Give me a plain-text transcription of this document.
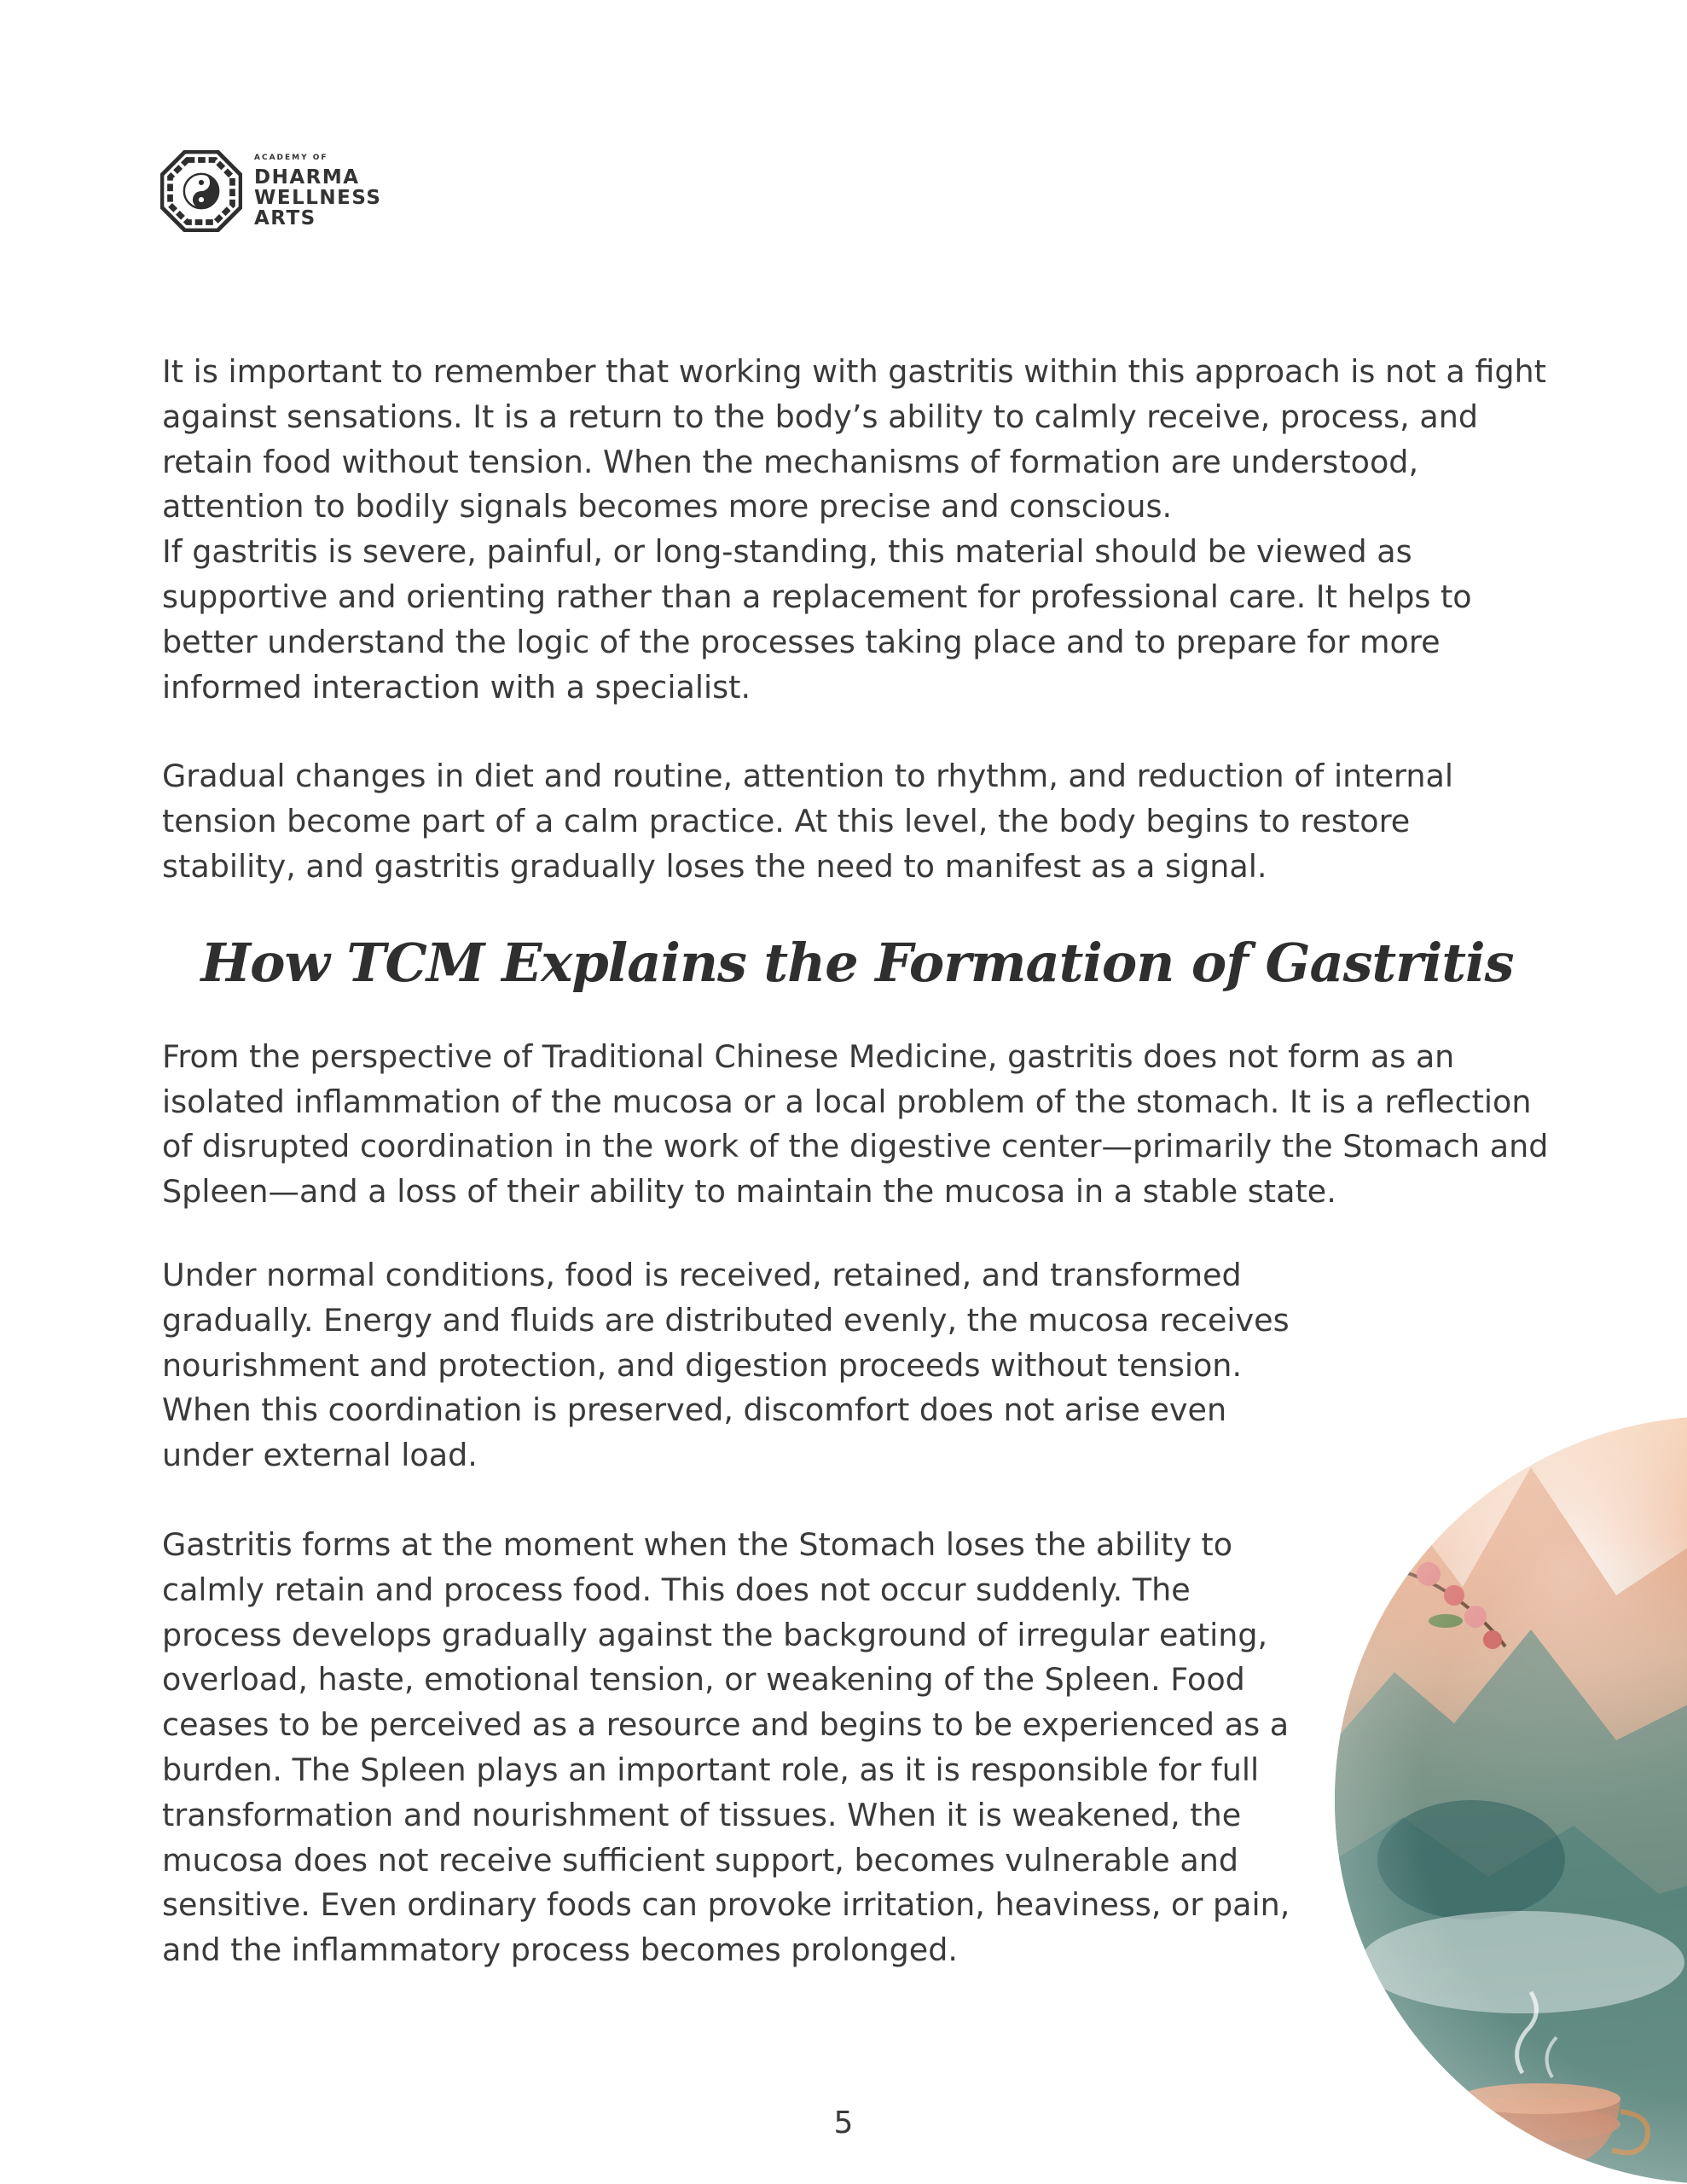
ACADEMY OF
DHARMA
WELLNESS
ARTS

It is important to remember that working with gastritis within this approach is not a fight against sensations. It is a return to the body’s ability to calmly receive, process, and retain food without tension. When the mechanisms of formation are understood, attention to bodily signals becomes more precise and conscious.

If gastritis is severe, painful, or long-standing, this material should be viewed as supportive and orienting rather than a replacement for professional care. It helps to better understand the logic of the processes taking place and to prepare for more informed interaction with a specialist.

Gradual changes in diet and routine, attention to rhythm, and reduction of internal tension become part of a calm practice. At this level, the body begins to restore stability, and gastritis gradually loses the need to manifest as a signal.

How TCM Explains the Formation of Gastritis

From the perspective of Traditional Chinese Medicine, gastritis does not form as an isolated inflammation of the mucosa or a local problem of the stomach. It is a reflection of disrupted coordination in the work of the digestive center—primarily the Stomach and Spleen—and a loss of their ability to maintain the mucosa in a stable state.

Under normal conditions, food is received, retained, and transformed gradually. Energy and fluids are distributed evenly, the mucosa receives nourishment and protection, and digestion proceeds without tension. When this coordination is preserved, discomfort does not arise even under external load.

Gastritis forms at the moment when the Stomach loses the ability to calmly retain and process food. This does not occur suddenly. The process develops gradually against the background of irregular eating, overload, haste, emotional tension, or weakening of the Spleen. Food ceases to be perceived as a resource and begins to be experienced as a burden. The Spleen plays an important role, as it is responsible for full transformation and nourishment of tissues. When it is weakened, the mucosa does not receive sufficient support, becomes vulnerable and sensitive. Even ordinary foods can provoke irritation, heaviness, or pain, and the inflammatory process becomes prolonged.

5
